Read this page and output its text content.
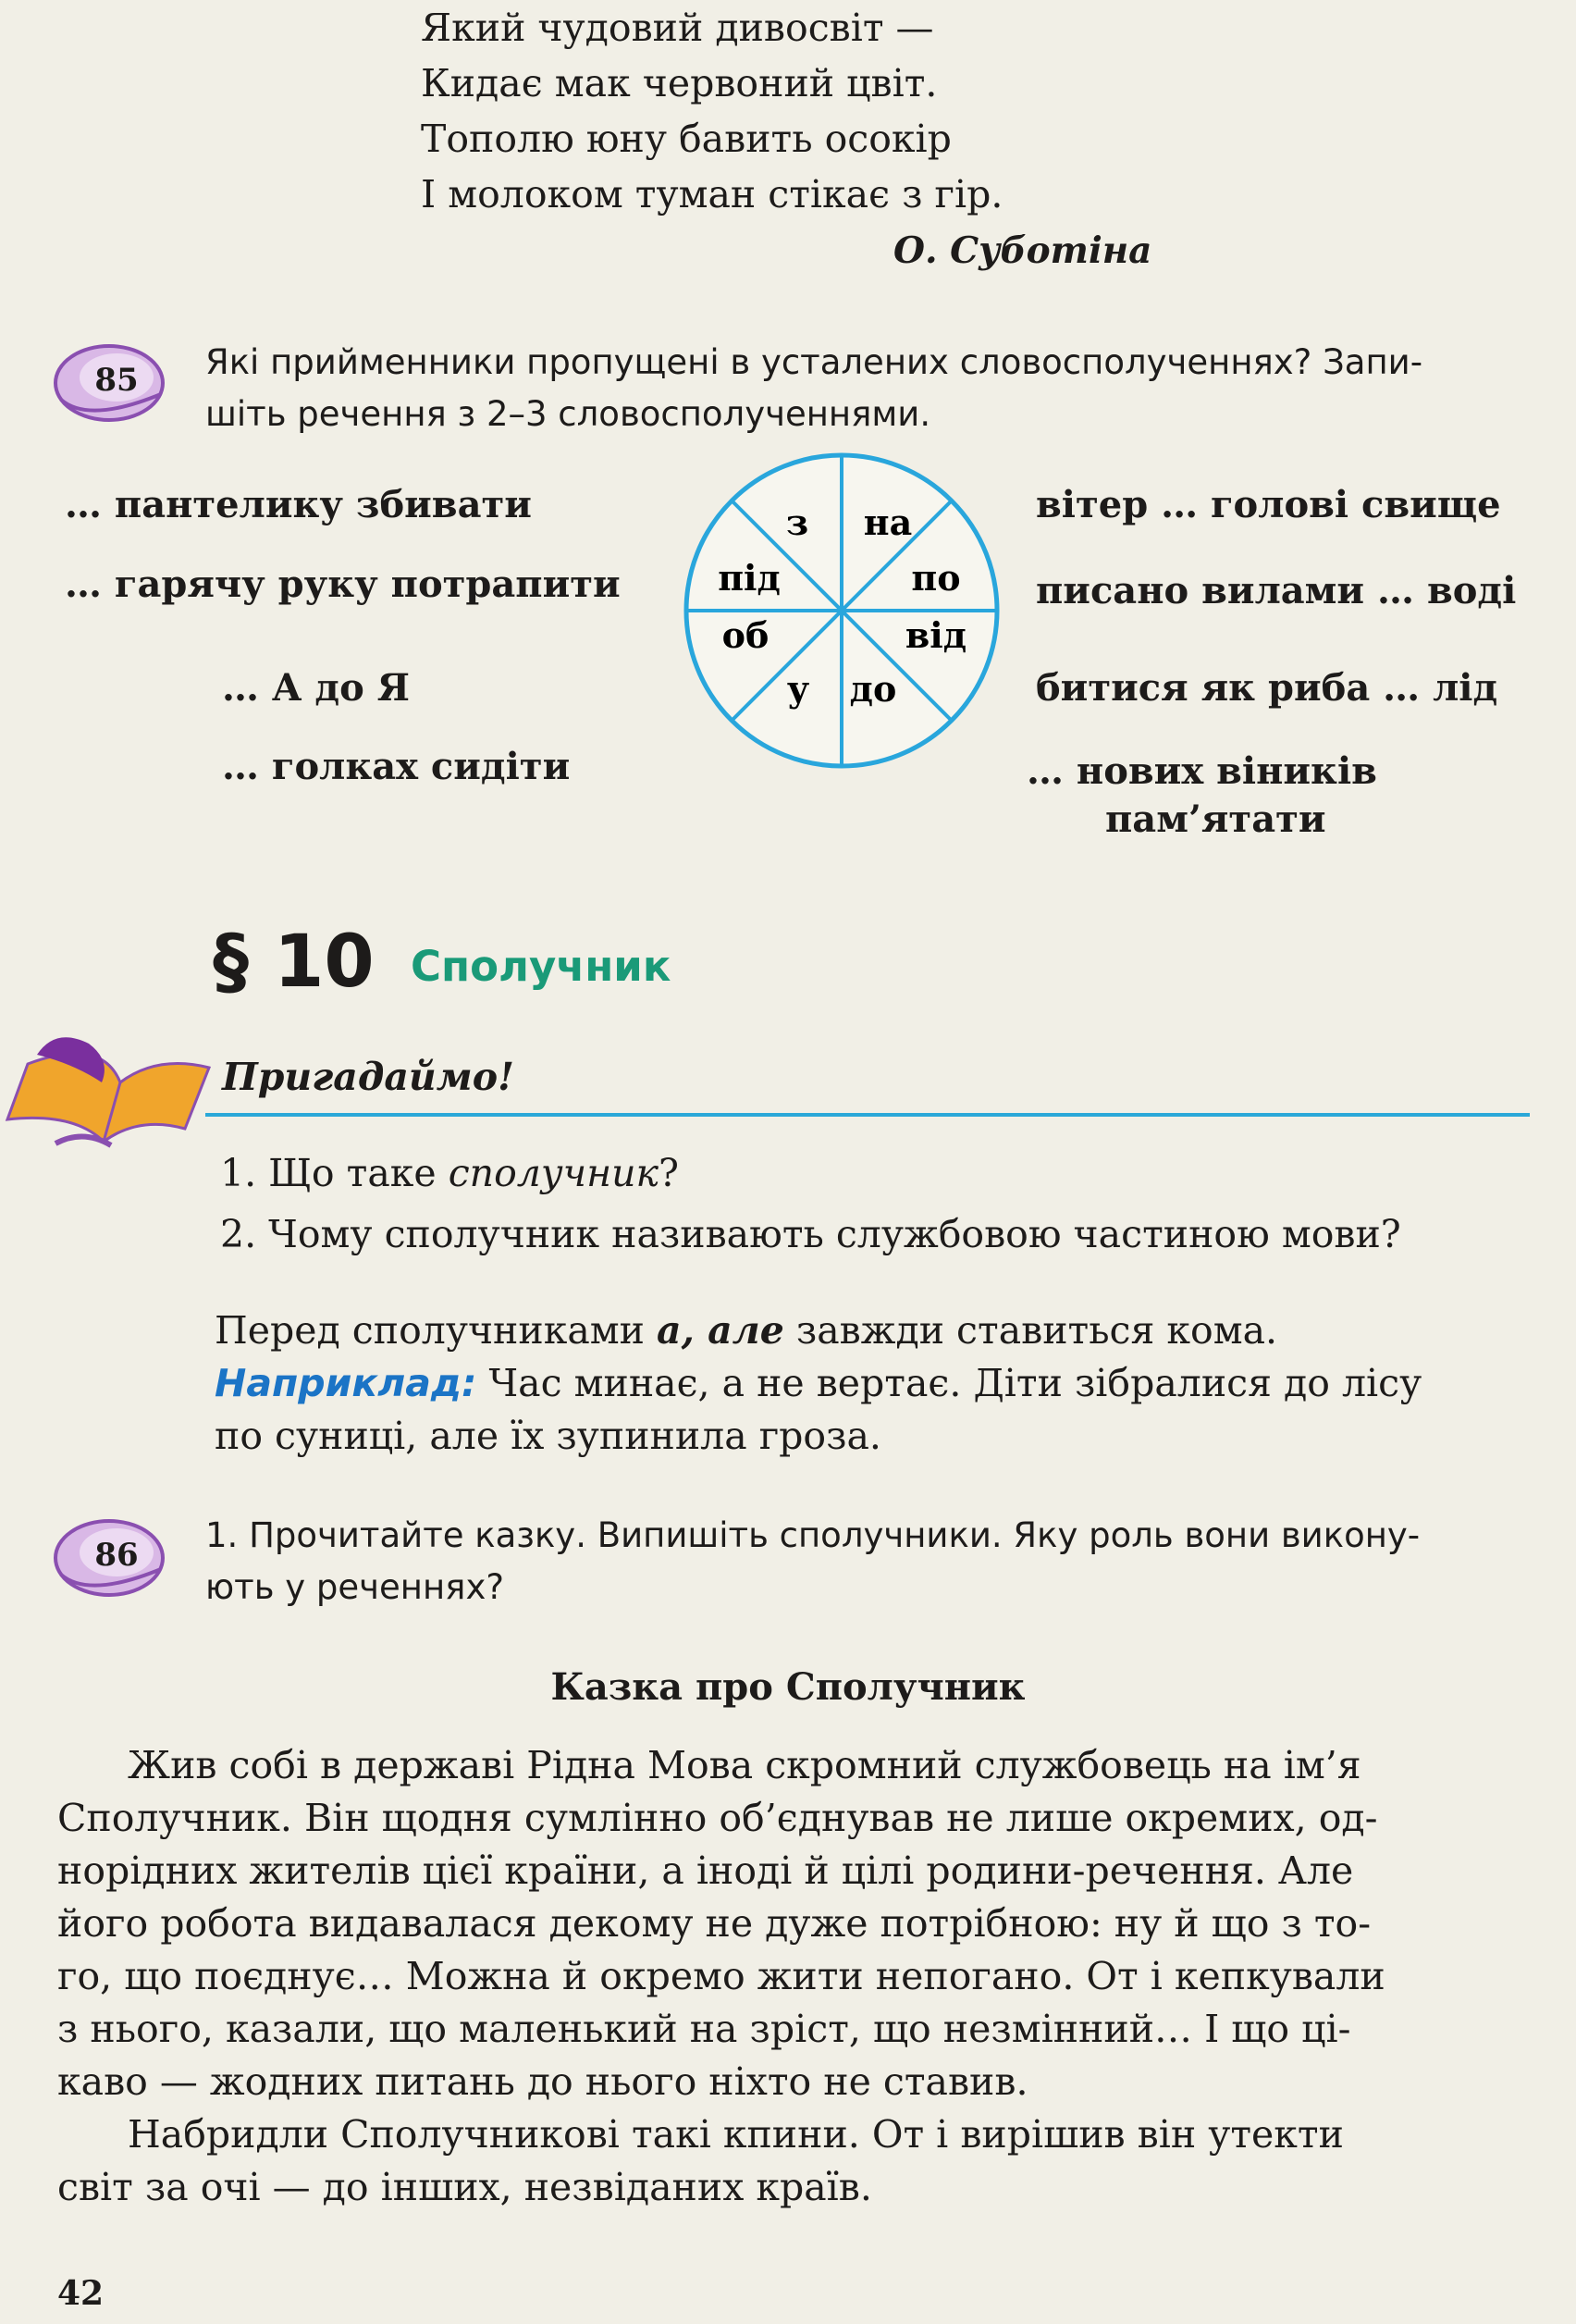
Який чудовий дивосвіт —
Кидає мак червоний цвіт.
Тополю юну бавить осокір
І молоком туман стікає з гір.
О. Суботіна
85 Які прийменники пропущені в усталених словосполученнях? Запи-
шіть речення з 2–3 словосполученнями.
… пантелику збивати
… гарячу руку потрапити
… А до Я
… голках сидіти
з на
під	по
об	від
у до
вітер … голові свище
писано вилами … воді
битися як риба … лід
… нових віників
пам’ятати
§ 10 Сполучник
Пригадаймо!
1. Що таке сполучник?
2. Чому сполучник називають службовою частиною мови?
Перед сполучниками а, але завжди ставиться кома.
Наприклад: Час минає, а не вертає. Діти зібралися до лісу
по суниці, але їх зупинила гроза.
86 1. Прочитайте казку. Випишіть сполучники. Яку роль вони викону-
ють у реченнях?
Казка про Сполучник
Жив собі в державі Рідна Мова скромний службовець на ім’я
Сполучник. Він щодня сумлінно об’єднував не лише окремих, од-
норідних жителів цієї країни, а іноді й цілі родини-речення. Але
його робота видавалася декому не дуже потрібною: ну й що з то-
го, що поєднує… Можна й окремо жити непогано. От і кепкували
з нього, казали, що маленький на зріст, що незмінний… І що ці-
каво — жодних питань до нього ніхто не ставив.
Набридли Сполучникові такі кпини. От і вирішив він утекти
світ за очі — до інших, незвіданих країв.
42
